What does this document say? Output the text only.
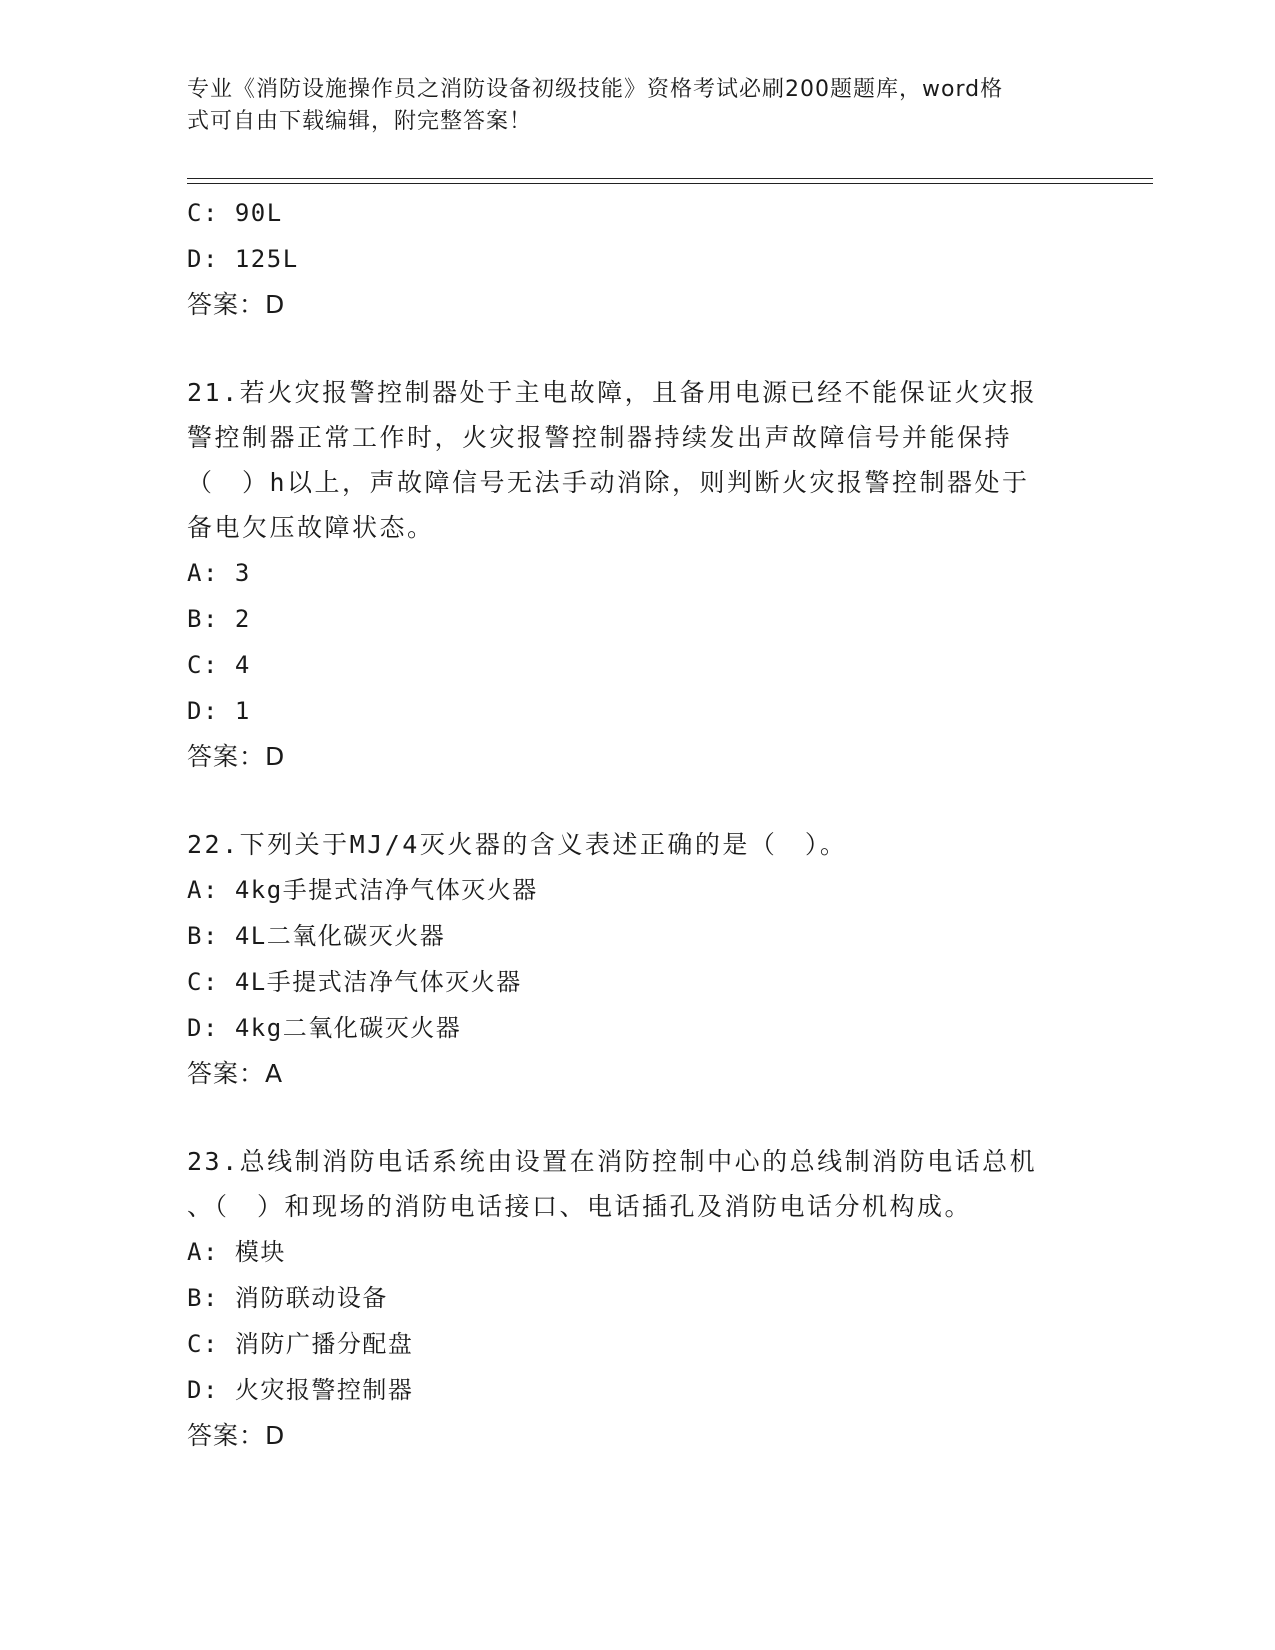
专业《消防设施操作员之消防设备初级技能》资格考试必刷200题题库，word格
式可自由下载编辑，附完整答案！
C: 90L
D: 125L
答案：D
21.若火灾报警控制器处于主电故障，且备用电源已经不能保证火灾报
警控制器正常工作时，火灾报警控制器持续发出声故障信号并能保持
（　）h以上，声故障信号无法手动消除，则判断火灾报警控制器处于
备电欠压故障状态。
A: 3
B: 2
C: 4
D: 1
答案：D
22.下列关于MJ/4灭火器的含义表述正确的是（　）。
A: 4kg手提式洁净气体灭火器
B: 4L二氧化碳灭火器
C: 4L手提式洁净气体灭火器
D: 4kg二氧化碳灭火器
答案：A
23.总线制消防电话系统由设置在消防控制中心的总线制消防电话总机
、（　）和现场的消防电话接口、电话插孔及消防电话分机构成。
A: 模块
B: 消防联动设备
C: 消防广播分配盘
D: 火灾报警控制器
答案：D
